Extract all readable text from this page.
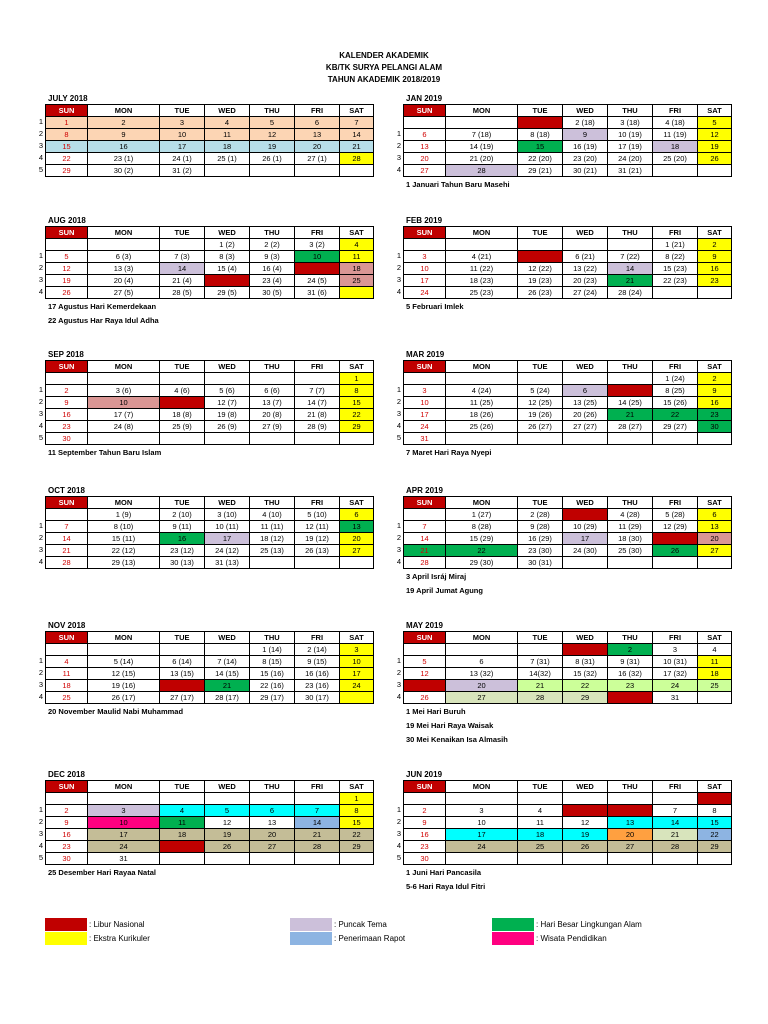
KALENDER AKADEMIK
KB/TK SURYA PELANGI ALAM
TAHUN AKADEMIK 2018/2019
JULY 2018
SUN	MON	TUE	WED	THU	FRI	SAT
1	2	3	4	5	6	7
8	9	10	11	12	13	14
15	16	17	18	19	20	21
22	23 (1)	24 (1)	25 (1)	26 (1)	27 (1)	28
29	30 (2)	31 (2)				
1
2
3
4
5
JAN 2019
SUN	MON	TUE	WED	THU	FRI	SAT
		1	2 (18)	3 (18)	4 (18)	5
6	7 (18)	8 (18)	9	10 (19)	11 (19)	12
13	14 (19)	15	16 (19)	17 (19)	18	19
20	21 (20)	22 (20)	23 (20)	24 (20)	25 (20)	26
27	28	29 (21)	30 (21)	31 (21)		
1
2
3
4
1 Januari Tahun Baru Masehi
AUG 2018
SUN	MON	TUE	WED	THU	FRI	SAT
			1 (2)	2 (2)	3 (2)	4
5	6 (3)	7 (3)	8 (3)	9 (3)	10	11
12	13 (3)	14	15 (4)	16 (4)	17	18
19	20 (4)	21 (4)	22	23 (4)	24 (5)	25
26	27 (5)	28 (5)	29 (5)	30 (5)	31 (6)	
1
2
3
4
17 Agustus Hari Kemerdekaan
22 Agustus Har Raya Idul Adha
FEB 2019
SUN	MON	TUE	WED	THU	FRI	SAT
					1 (21)	2
3	4 (21)	5	6 (21)	7 (22)	8 (22)	9
10	11 (22)	12 (22)	13 (22)	14	15 (23)	16
17	18 (23)	19 (23)	20 (23)	21	22 (23)	23
24	25 (23)	26 (23)	27 (24)	28 (24)		
1
2
3
4
5 Februari Imlek
SEP 2018
SUN	MON	TUE	WED	THU	FRI	SAT
						1
2	3 (6)	4 (6)	5 (6)	6 (6)	7 (7)	8
9	10	11	12 (7)	13 (7)	14 (7)	15
16	17 (7)	18 (8)	19 (8)	20 (8)	21 (8)	22
23	24 (8)	25 (9)	26 (9)	27 (9)	28 (9)	29
30						
1
2
3
4
5
11 September Tahun Baru Islam
MAR 2019
SUN	MON	TUE	WED	THU	FRI	SAT
					1 (24)	2
3	4 (24)	5 (24)	6	7	8 (25)	9
10	11 (25)	12 (25)	13 (25)	14 (25)	15 (26)	16
17	18 (26)	19 (26)	20 (26)	21	22	23
24	25 (26)	26 (27)	27 (27)	28 (27)	29 (27)	30
31						
1
2
3
4
5
7 Maret Hari Raya Nyepi
OCT 2018
SUN	MON	TUE	WED	THU	FRI	SAT
	1 (9)	2 (10)	3 (10)	4 (10)	5 (10)	6
7	8 (10)	9 (11)	10 (11)	11 (11)	12 (11)	13
14	15 (11)	16	17	18 (12)	19 (12)	20
21	22 (12)	23 (12)	24 (12)	25 (13)	26 (13)	27
28	29 (13)	30 (13)	31 (13)			
1
2
3
4
APR 2019
SUN	MON	TUE	WED	THU	FRI	SAT
	1 (27)	2 (28)	3	4 (28)	5 (28)	6
7	8 (28)	9 (28)	10 (29)	11 (29)	12 (29)	13
14	15 (29)	16 (29)	17	18 (30)	19	20
21	22	23 (30)	24 (30)	25 (30)	26	27
28	29 (30)	30 (31)				
1
2
3
4
3 April Isráj Miraj
19 April Jumat Agung
NOV 2018
SUN	MON	TUE	WED	THU	FRI	SAT
				1 (14)	2 (14)	3
4	5 (14)	6 (14)	7 (14)	8 (15)	9 (15)	10
11	12 (15)	13 (15)	14 (15)	15 (16)	16 (16)	17
18	19 (16)	20	21	22 (16)	23 (16)	24
25	26 (17)	27 (17)	28 (17)	29 (17)	30 (17)	
1
2
3
4
20 November Maulid Nabi Muhammad
MAY 2019
SUN	MON	TUE	WED	THU	FRI	SAT
			1	2	3	4
5	6	7 (31)	8 (31)	9 (31)	10 (31)	11
12	13 (32)	14(32)	15 (32)	16 (32)	17 (32)	18
19	20	21	22	23	24	25
26	27	28	29	30	31	
1
2
3
4
1 Mei Hari Buruh
19 Mei Hari Raya Waisak
30 Mei Kenaikan Isa Almasih
DEC 2018
SUN	MON	TUE	WED	THU	FRI	SAT
						1
2	3	4	5	6	7	8
9	10	11	12	13	14	15
16	17	18	19	20	21	22
23	24	25	26	27	28	29
30	31					
1
2
3
4
5
25 Desember Hari Rayaa Natal
JUN 2019
SUN	MON	TUE	WED	THU	FRI	SAT
						1
2	3	4	5	6	7	8
9	10	11	12	13	14	15
16	17	18	19	20	21	22
23	24	25	26	27	28	29
30						
1
2
3
4
5
1 Juni Hari Pancasila
5-6 Hari Raya Idul Fitri
: Libur Nasional
: Ekstra Kurikuler
: Puncak Tema
: Penerimaan Rapot
: Hari Besar Lingkungan Alam
: Wisata Pendidikan
